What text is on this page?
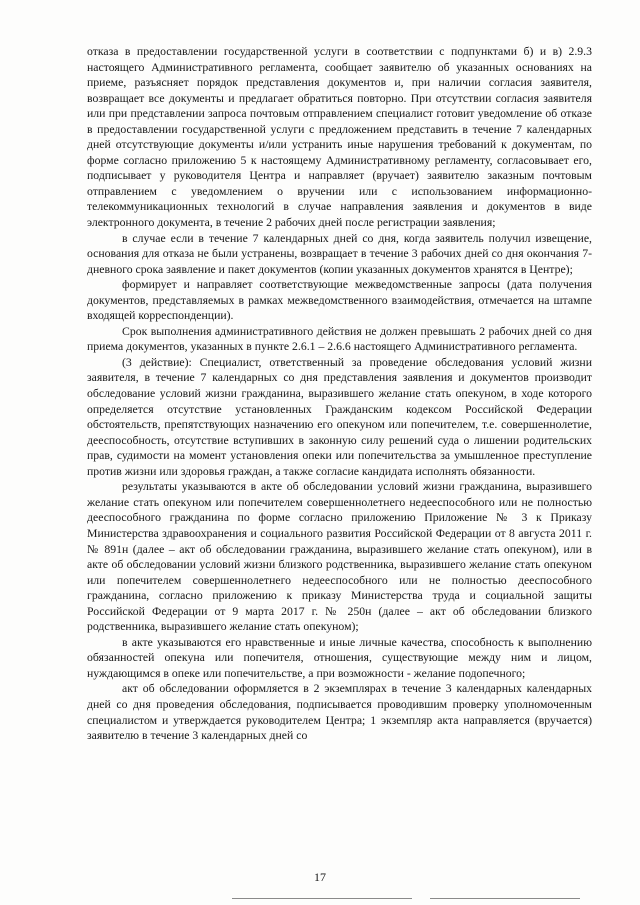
отказа в предоставлении государственной услуги в соответствии с подпунктами б) и в) 2.9.3 настоящего Административного регламента, сообщает заявителю об указанных основаниях на приеме, разъясняет порядок представления документов и, при наличии согласия заявителя, возвращает все документы и предлагает обратиться повторно. При отсутствии согласия заявителя или при представлении запроса почтовым отправлением специалист готовит уведомление об отказе в предоставлении государственной услуги с предложением представить в течение 7 календарных дней отсутствующие документы и/или устранить иные нарушения требований к документам, по форме согласно приложению 5 к настоящему Административному регламенту, согласовывает его, подписывает у руководителя Центра и направляет (вручает) заявителю заказным почтовым отправлением с уведомлением о вручении или с использованием информационно-телекоммуникационных технологий в случае направления заявления и документов в виде электронного документа, в течение 2 рабочих дней после регистрации заявления;

в случае если в течение 7 календарных дней со дня, когда заявитель получил извещение, основания для отказа не были устранены, возвращает в течение 3 рабочих дней со дня окончания 7-дневного срока заявление и пакет документов (копии указанных документов хранятся в Центре);

формирует и направляет соответствующие межведомственные запросы (дата получения документов, представляемых в рамках межведомственного взаимодействия, отмечается на штампе входящей корреспонденции).

Срок выполнения административного действия не должен превышать 2 рабочих дней со дня приема документов, указанных в пункте 2.6.1 – 2.6.6 настоящего Административного регламента.

(3 действие): Специалист, ответственный за проведение обследования условий жизни заявителя, в течение 7 календарных со дня представления заявления и документов производит обследование условий жизни гражданина, выразившего желание стать опекуном, в ходе которого определяется отсутствие установленных Гражданским кодексом Российской Федерации обстоятельств, препятствующих назначению его опекуном или попечителем, т.е. совершеннолетие, дееспособность, отсутствие вступивших в законную силу решений суда о лишении родительских прав, судимости на момент установления опеки или попечительства за умышленное преступление против жизни или здоровья граждан, а также согласие кандидата исполнять обязанности.

результаты указываются в акте об обследовании условий жизни гражданина, выразившего желание стать опекуном или попечителем совершеннолетнего недееспособного или не полностью дееспособного гражданина по форме согласно приложению Приложение № 3 к Приказу Министерства здравоохранения и социального развития Российской Федерации от 8 августа 2011 г. № 891н (далее – акт об обследовании гражданина, выразившего желание стать опекуном), или в акте об обследовании условий жизни близкого родственника, выразившего желание стать опекуном или попечителем совершеннолетнего недееспособного или не полностью дееспособного гражданина, согласно приложению к приказу Министерства труда и социальной защиты Российской Федерации от 9 марта 2017 г. № 250н (далее – акт об обследовании близкого родственника, выразившего желание стать опекуном);

в акте указываются его нравственные и иные личные качества, способность к выполнению обязанностей опекуна или попечителя, отношения, существующие между ним и лицом, нуждающимся в опеке или попечительстве, а при возможности - желание подопечного;

акт об обследовании оформляется в 2 экземплярах в течение 3 календарных календарных дней со дня проведения обследования, подписывается проводившим проверку уполномоченным специалистом и утверждается руководителем Центра; 1 экземпляр акта направляется (вручается) заявителю в течение 3 календарных дней со

17
